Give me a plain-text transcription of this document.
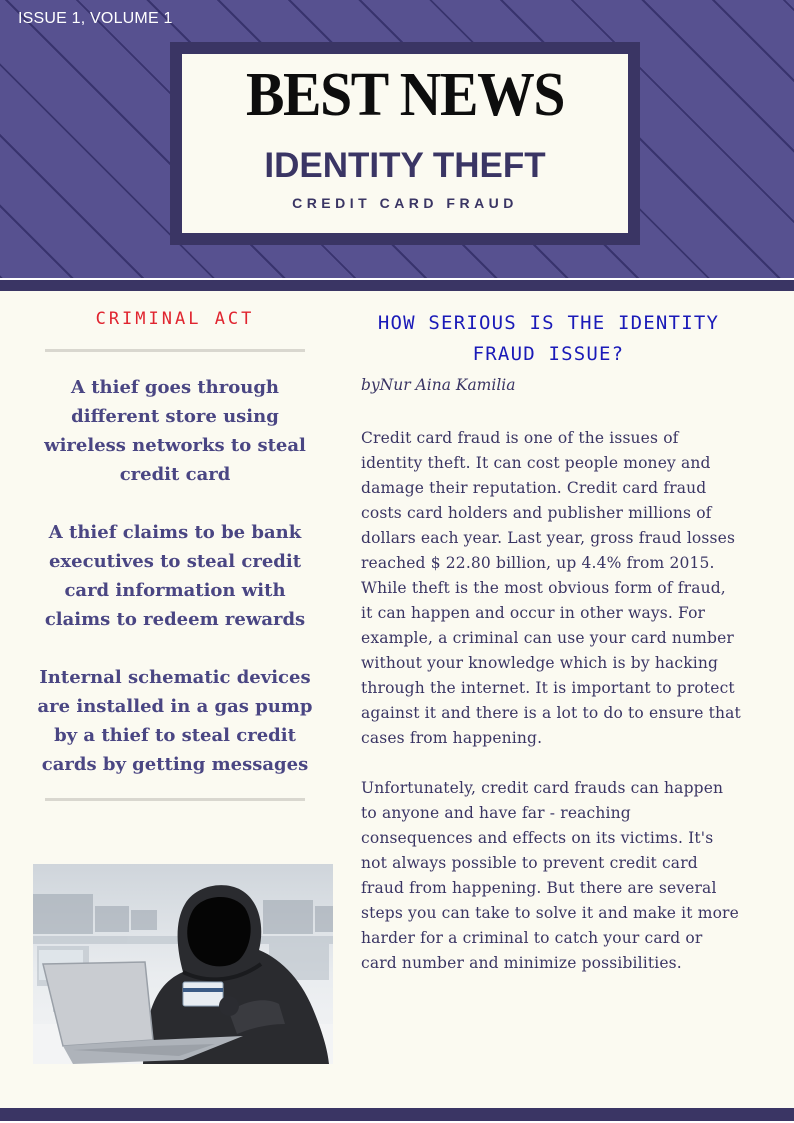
ISSUE 1, VOLUME 1
BEST NEWS
IDENTITY THEFT
CREDIT CARD FRAUD
CRIMINAL ACT
A thief goes through different store using wireless networks to steal credit card
A thief claims to be bank executives to steal credit card information with claims to redeem rewards
Internal schematic devices are installed in a gas pump by a thief to steal credit cards by getting messages
HOW SERIOUS IS THE IDENTITY FRAUD ISSUE?
byNur Aina Kamilia

Credit card fraud is one of the issues of identity theft. It can cost people money and damage their reputation. Credit card fraud costs card holders and publisher millions of dollars each year. Last year, gross fraud losses reached $ 22.80 billion, up 4.4% from 2015. While theft is the most obvious form of fraud, it can happen and occur in other ways. For example, a criminal can use your card number without your knowledge which is by hacking through the internet. It is important to protect against it and there is a lot to do to ensure that cases from happening.

Unfortunately, credit card frauds can happen to anyone and have far - reaching consequences and effects on its victims. It's not always possible to prevent credit card fraud from happening. But there are several steps you can take to solve it and make it more harder for a criminal to catch your card or card number and minimize possibilities.
